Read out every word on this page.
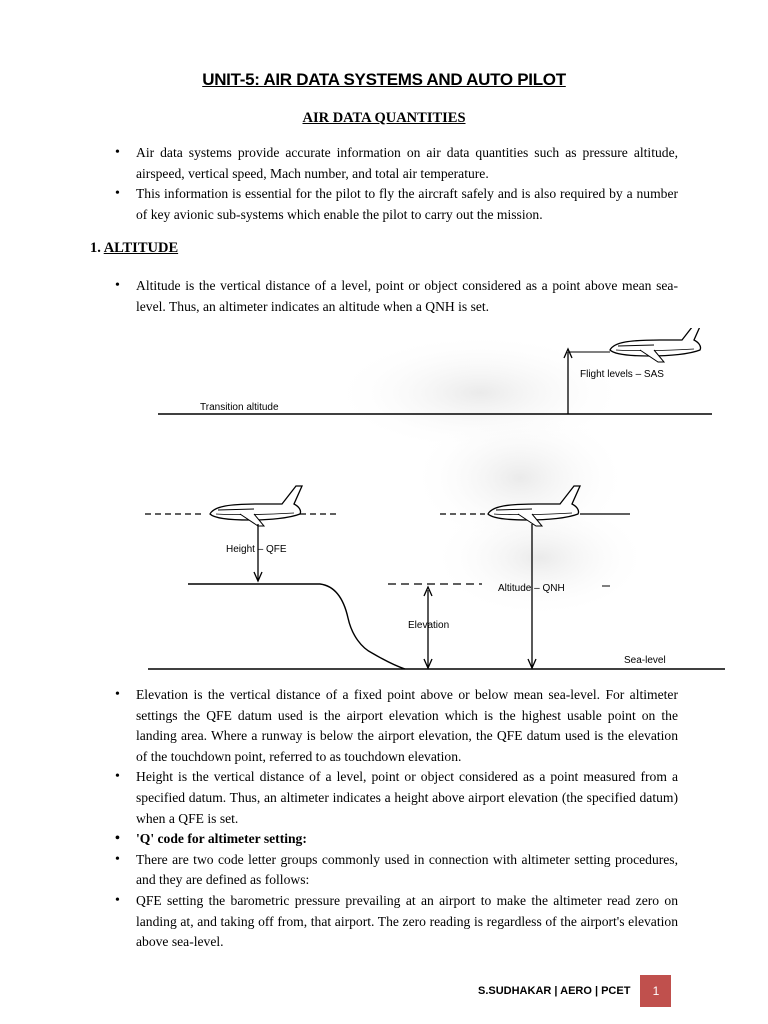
UNIT-5: AIR DATA SYSTEMS AND AUTO PILOT
AIR DATA QUANTITIES
• Air data systems provide accurate information on air data quantities such as pressure altitude, airspeed, vertical speed, Mach number, and total air temperature.
• This information is essential for the pilot to fly the aircraft safely and is also required by a number of key avionic sub-systems which enable the pilot to carry out the mission.
1. ALTITUDE
• Altitude is the vertical distance of a level, point or object considered as a point above mean sea-level. Thus, an altimeter indicates an altitude when a QNH is set.
Flight levels – SAS
Transition altitude
Height – QFE
Elevation
Altitude – QNH
Sea-level
• Elevation is the vertical distance of a fixed point above or below mean sea-level. For altimeter settings the QFE datum used is the airport elevation which is the highest usable point on the landing area. Where a runway is below the airport elevation, the QFE datum used is the elevation of the touchdown point, referred to as touchdown elevation.
• Height is the vertical distance of a level, point or object considered as a point measured from a specified datum. Thus, an altimeter indicates a height above airport elevation (the specified datum) when a QFE is set.
• 'Q' code for altimeter setting:
• There are two code letter groups commonly used in connection with altimeter setting procedures, and they are defined as follows:
• QFE setting the barometric pressure prevailing at an airport to make the altimeter read zero on landing at, and taking off from, that airport. The zero reading is regardless of the airport's elevation above sea-level.
S.SUDHAKAR | AERO | PCET	1
